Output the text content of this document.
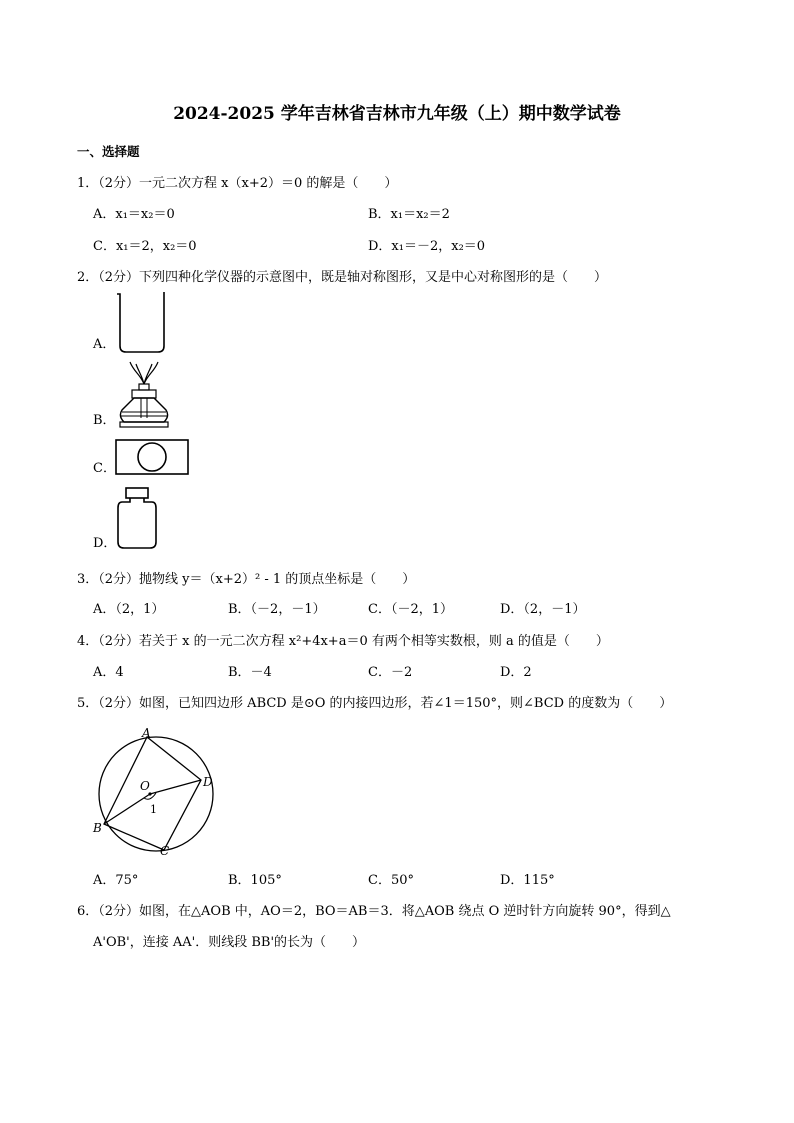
2024-2025 学年吉林省吉林市九年级（上）期中数学试卷
一、选择题
1．（2分）一元二次方程 x（x+2）＝0 的解是（　　）
A．x₁＝x₂＝0	B．x₁＝x₂＝2
C．x₁＝2，x₂＝0	D．x₁＝－2，x₂＝0
2．（2分）下列四种化学仪器的示意图中，既是轴对称图形，又是中心对称图形的是（　　）
A．
B．
C．
D．
3．（2分）抛物线 y＝（x+2）² - 1 的顶点坐标是（　　）
A．（2，1）	B．（－2，－1）	C．（－2，1）	D．（2，－1）
4．（2分）若关于 x 的一元二次方程 x²+4x+a＝0 有两个相等实数根，则 a 的值是（　　）
A．4	B．－4	C．－2	D．2
5．（2分）如图，已知四边形 ABCD 是⊙O 的内接四边形，若∠1＝150°，则∠BCD 的度数为（　　）
A
D
B
C
O
1
A．75°	B．105°	C．50°	D．115°
6．（2分）如图，在△AOB 中，AO＝2，BO＝AB＝3．将△AOB 绕点 O 逆时针方向旋转 90°，得到△
A'OB'，连接 AA'．则线段 BB'的长为（　　）
